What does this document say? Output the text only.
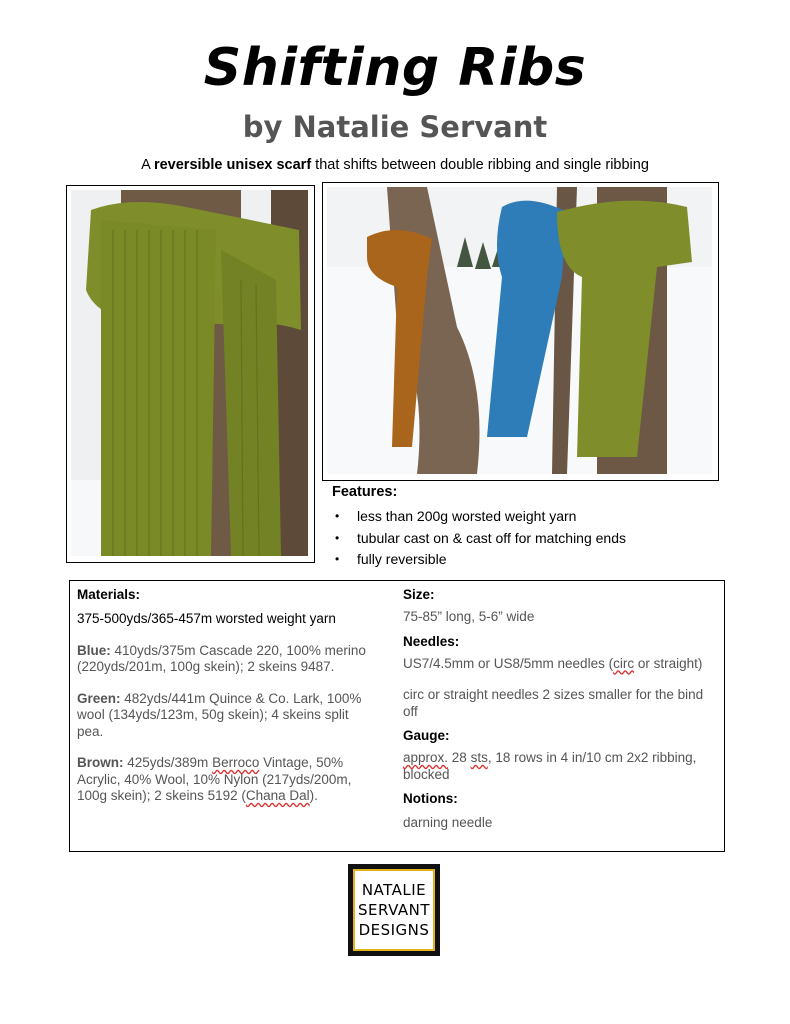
Shifting Ribs
by Natalie Servant
A reversible unisex scarf that shifts between double ribbing and single ribbing
Features:
• less than 200g worsted weight yarn
• tubular cast on & cast off for matching ends
• fully reversible
Materials:

375-500yds/365-457m worsted weight yarn

Blue: 410yds/375m Cascade 220, 100% merino (220yds/201m, 100g skein); 2 skeins 9487.

Green: 482yds/441m Quince & Co. Lark, 100% wool (134yds/123m, 50g skein); 4 skeins split pea.

Brown: 425yds/389m Berroco Vintage, 50% Acrylic, 40% Wool, 10% Nylon (217yds/200m, 100g skein); 2 skeins 5192 (Chana Dal).

Size:

75-85” long, 5-6” wide

Needles:

US7/4.5mm or US8/5mm needles (circ or straight)

circ or straight needles 2 sizes smaller for the bind off

Gauge:

approx. 28 sts, 18 rows in 4 in/10 cm 2x2 ribbing, blocked

Notions:

darning needle

NATALIE
SERVANT
DESIGNS
